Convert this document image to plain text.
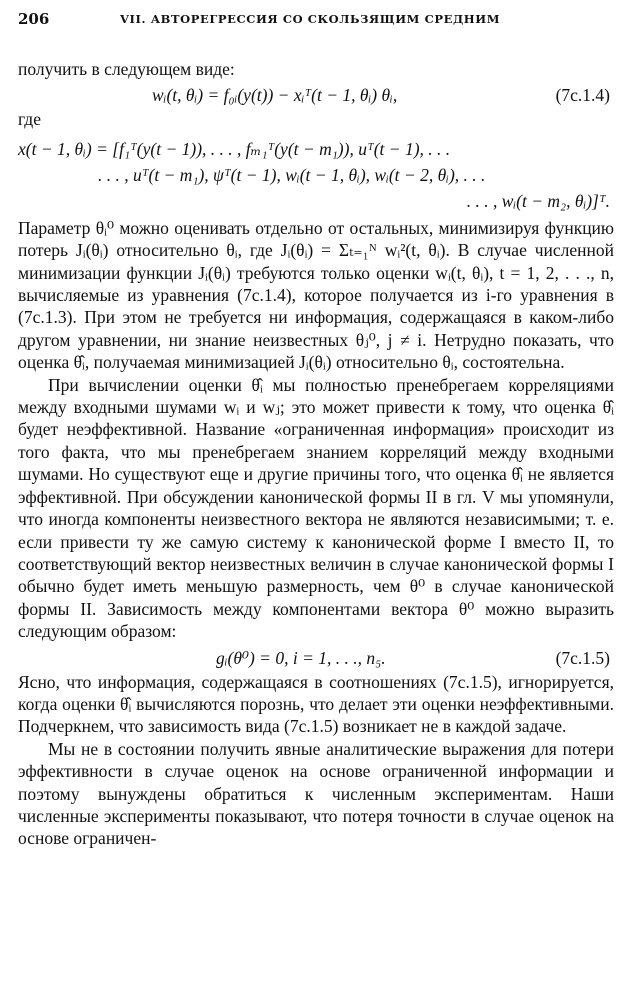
206	VII. АВТОРЕГРЕССИЯ СО СКОЛЬЗЯЩИМ СРЕДНИМ

получить в следующем виде:

wᵢ(t, θᵢ) = f₀ᵢ(y(t)) − xᵢᵀ(t − 1, θᵢ) θᵢ,	(7c.1.4)

где

x(t − 1, θᵢ) = [f₁ᵀ(y(t − 1)), . . . , fₘ₁ᵀ(y(t − m₁)), uᵀ(t − 1), . . .
. . . , uᵀ(t − m₁), ψᵀ(t − 1), wᵢ(t − 1, θᵢ), wᵢ(t − 2, θᵢ), . . .
. . . , wᵢ(t − m₂, θᵢ)]ᵀ.

Параметр θᵢ⁰ можно оценивать отдельно от остальных, минимизируя функцию потерь Jᵢ(θᵢ) относительно θᵢ, где Jᵢ(θᵢ) = Σₜ₌₁ᴺ wᵢ²(t, θᵢ). В случае численной минимизации функции Jᵢ(θᵢ) требуются только оценки wᵢ(t, θᵢ), t = 1, 2, . . ., n, вычисляемые из уравнения (7c.1.4), которое получается из i-го уравнения в (7c.1.3). При этом не требуется ни информация, содержащаяся в каком-либо другом уравнении, ни знание неизвестных θⱼ⁰, j ≠ i. Нетрудно показать, что оценка θ̂ᵢ, получаемая минимизацией Jᵢ(θᵢ) относительно θᵢ, состоятельна.

При вычислении оценки θ̂ᵢ мы полностью пренебрегаем корреляциями между входными шумами wᵢ и wⱼ; это может привести к тому, что оценка θ̂ᵢ будет неэффективной. Название «ограниченная информация» происходит из того факта, что мы пренебрегаем знанием корреляций между входными шумами. Но существуют еще и другие причины того, что оценка θ̂ᵢ не является эффективной. При обсуждении канонической формы II в гл. V мы упомянули, что иногда компоненты неизвестного вектора не являются независимыми; т. е. если привести ту же самую систему к канонической форме I вместо II, то соответствующий вектор неизвестных величин в случае канонической формы I обычно будет иметь меньшую размерность, чем θ⁰ в случае канонической формы II. Зависимость между компонентами вектора θ⁰ можно выразить следующим образом:

gᵢ(θ⁰) = 0, i = 1, . . ., n₅.	(7c.1.5)

Ясно, что информация, содержащаяся в соотношениях (7c.1.5), игнорируется, когда оценки θ̂ᵢ вычисляются порознь, что делает эти оценки неэффективными. Подчеркнем, что зависимость вида (7c.1.5) возникает не в каждой задаче.

Мы не в состоянии получить явные аналитические выражения для потери эффективности в случае оценок на основе ограниченной информации и поэтому вынуждены обратиться к численным экспериментам. Наши численные эксперименты показывают, что потеря точности в случае оценок на основе ограничен-
